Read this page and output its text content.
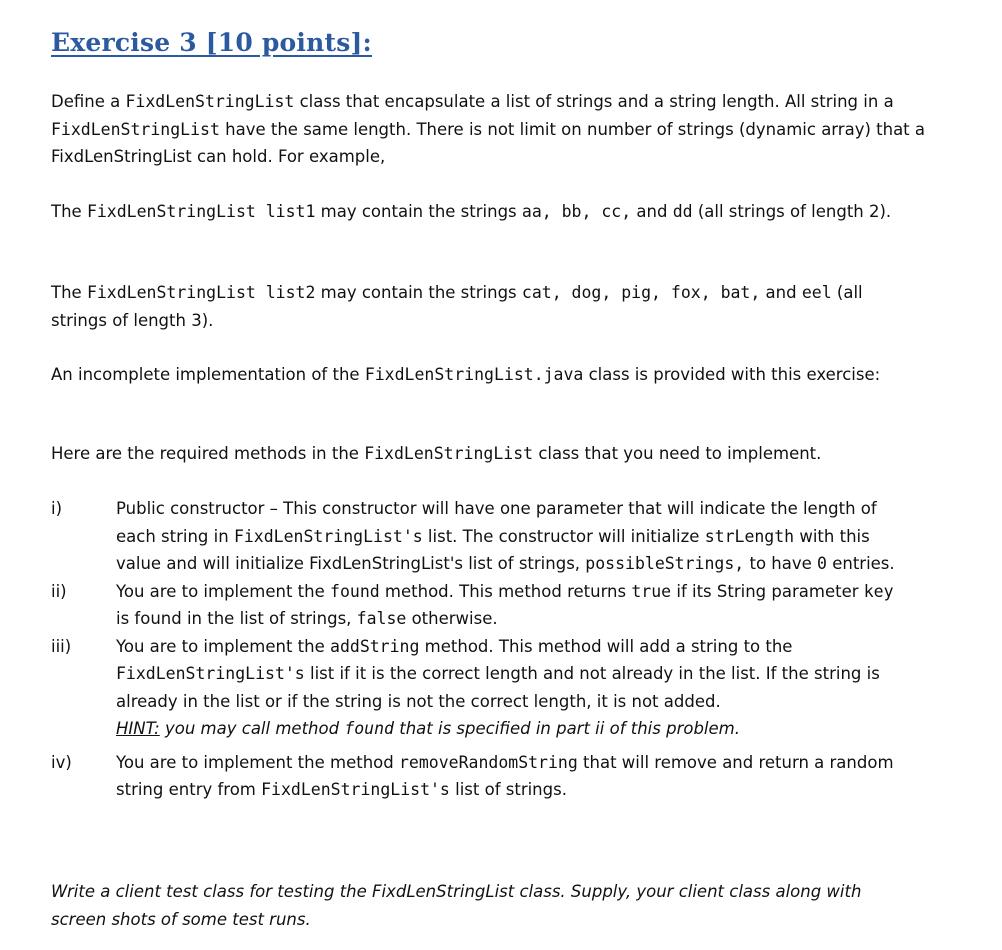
Exercise 3 [10 points]:

Define a FixdLenStringList class that encapsulate a list of strings and a string length. All string in a FixdLenStringList have the same length. There is not limit on number of strings (dynamic array) that a FixdLenStringList can hold. For example,

The FixdLenStringList list1 may contain the strings aa, bb, cc, and dd (all strings of length 2).

The FixdLenStringList list2 may contain the strings cat, dog, pig, fox, bat, and eel (all strings of length 3).

An incomplete implementation of the FixdLenStringList.java class is provided with this exercise:

Here are the required methods in the FixdLenStringList class that you need to implement.

i)	Public constructor – This constructor will have one parameter that will indicate the length of each string in FixdLenStringList's list. The constructor will initialize strLength with this value and will initialize FixdLenStringList's list of strings, possibleStrings, to have 0 entries.
ii)	You are to implement the found method. This method returns true if its String parameter key is found in the list of strings, false otherwise.
iii)	You are to implement the addString method. This method will add a string to the FixdLenStringList's list if it is the correct length and not already in the list. If the string is already in the list or if the string is not the correct length, it is not added.
HINT: you may call method found that is specified in part ii of this problem.
iv)	You are to implement the method removeRandomString that will remove and return a random string entry from FixdLenStringList's list of strings.

Write a client test class for testing the FixdLenStringList class. Supply, your client class along with screen shots of some test runs.
